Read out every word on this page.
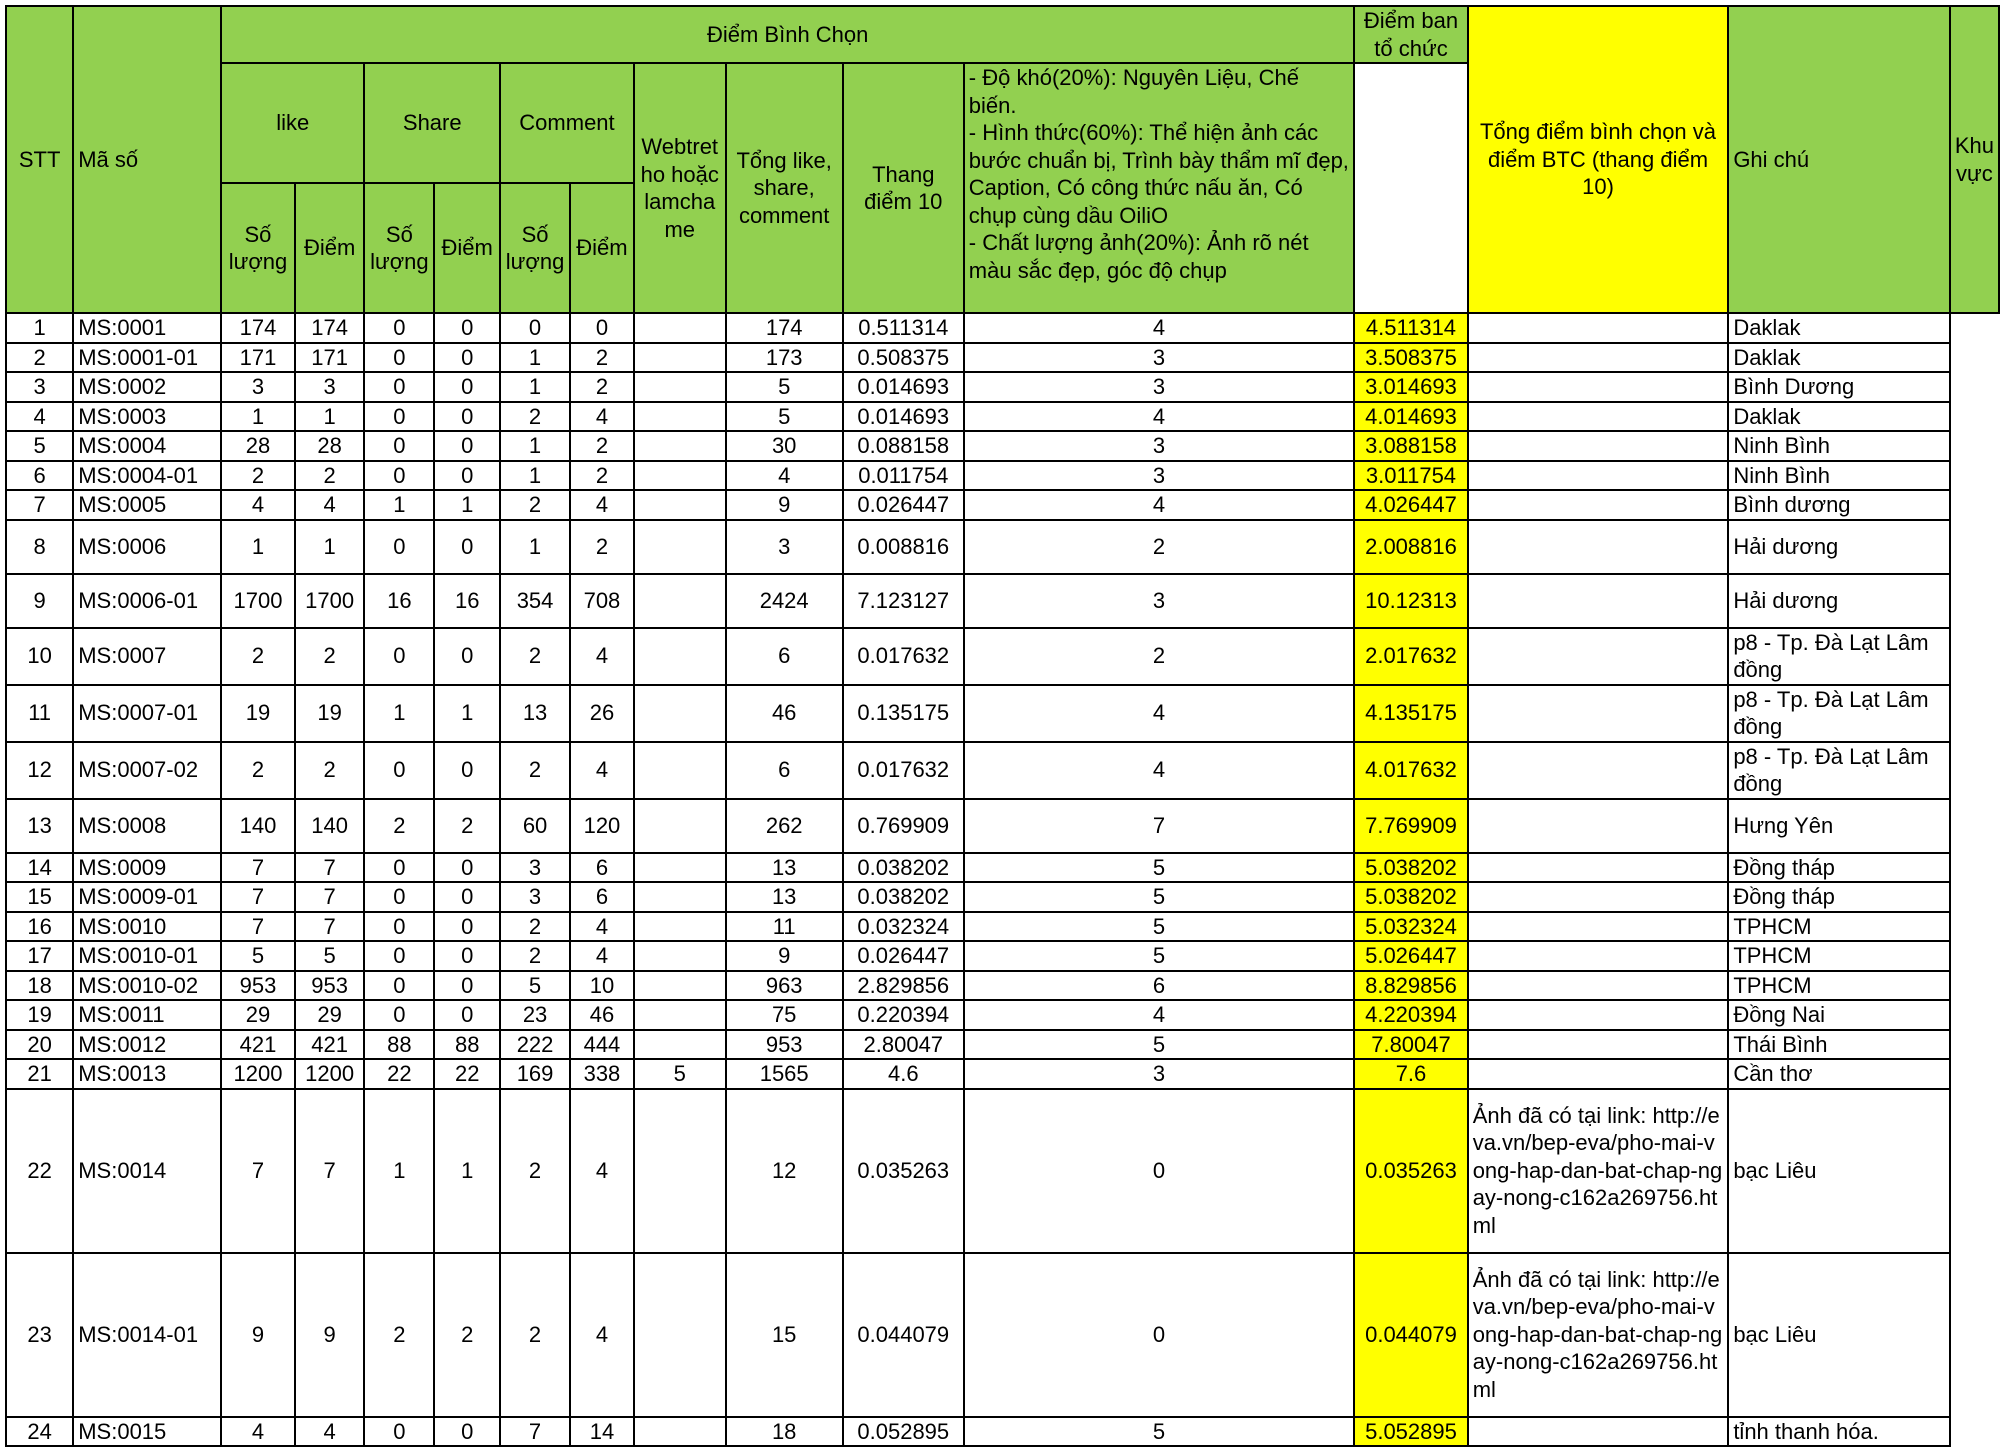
STT	Mã số	Điểm Bình Chọn										Điểm ban tổ chức	Tổng điểm bình chọn và điểm BTC (thang điểm 10)	Ghi chú	Khu vực
		like		Share		Comment		Webtret ho hoặc lamcha me	Tổng like, share, comment	Thang điểm 10	- Độ khó(20%): Nguyên Liệu, Chế biến.
- Hình thức(60%): Thể hiện ảnh các bước chuẩn bị, Trình bày thẩm mĩ đẹp, Caption, Có công thức nấu ăn, Có chụp cùng dầu OiliO
- Chất lượng ảnh(20%): Ảnh rõ nét màu sắc đẹp, góc độ chụp				

		Số lượng	Điểm	Số lượng	Điểm	Số lượng	Điểm								
1	MS:0001	174	174	0	0	0	0		174	0.511314	4	4.511314		Daklak	
2	MS:0001-01	171	171	0	0	1	2		173	0.508375	3	3.508375		Daklak	
3	MS:0002	3	3	0	0	1	2		5	0.014693	3	3.014693		Bình Dương	
4	MS:0003	1	1	0	0	2	4		5	0.014693	4	4.014693		Daklak	
5	MS:0004	28	28	0	0	1	2		30	0.088158	3	3.088158		Ninh Bình	
6	MS:0004-01	2	2	0	0	1	2		4	0.011754	3	3.011754		Ninh Bình	
7	MS:0005	4	4	1	1	2	4		9	0.026447	4	4.026447		Bình dương	
8	MS:0006	1	1	0	0	1	2		3	0.008816	2	2.008816		Hải dương	
9	MS:0006-01	1700	1700	16	16	354	708		2424	7.123127	3	10.12313		Hải dương	
10	MS:0007	2	2	0	0	2	4		6	0.017632	2	2.017632		p8 - Tp. Đà Lạt Lâm đồng	
11	MS:0007-01	19	19	1	1	13	26		46	0.135175	4	4.135175		p8 - Tp. Đà Lạt Lâm đồng	
12	MS:0007-02	2	2	0	0	2	4		6	0.017632	4	4.017632		p8 - Tp. Đà Lạt Lâm đồng	
13	MS:0008	140	140	2	2	60	120		262	0.769909	7	7.769909		Hưng Yên	
14	MS:0009	7	7	0	0	3	6		13	0.038202	5	5.038202		Đồng tháp	
15	MS:0009-01	7	7	0	0	3	6		13	0.038202	5	5.038202		Đồng tháp	
16	MS:0010	7	7	0	0	2	4		11	0.032324	5	5.032324		TPHCM	
17	MS:0010-01	5	5	0	0	2	4		9	0.026447	5	5.026447		TPHCM	
18	MS:0010-02	953	953	0	0	5	10		963	2.829856	6	8.829856		TPHCM	
19	MS:0011	29	29	0	0	23	46		75	0.220394	4	4.220394		Đồng Nai	
20	MS:0012	421	421	88	88	222	444		953	2.80047	5	7.80047		Thái Bình	
21	MS:0013	1200	1200	22	22	169	338	5	1565	4.6	3	7.6		Cần thơ	
22	MS:0014	7	7	1	1	2	4		12	0.035263	0	0.035263	Ảnh đã có tại link: http://eva.vn/bep-eva/pho-mai-vong-hap-dan-bat-chap-ngay-nong-c162a269756.html	bạc Liêu	
23	MS:0014-01	9	9	2	2	2	4		15	0.044079	0	0.044079	Ảnh đã có tại link: http://eva.vn/bep-eva/pho-mai-vong-hap-dan-bat-chap-ngay-nong-c162a269756.html	bạc Liêu	
24	MS:0015	4	4	0	0	7	14		18	0.052895	5	5.052895		tỉnh thanh hóa.	
